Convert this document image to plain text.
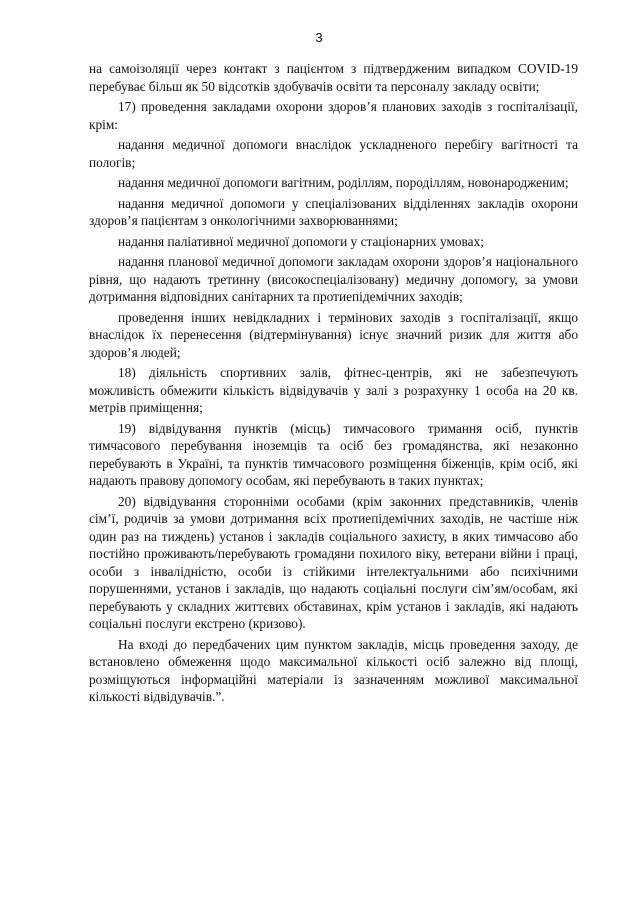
3

на самоізоляції через контакт з пацієнтом з підтвердженим випадком COVID-19 перебуває більш як 50 відсотків здобувачів освіти та персоналу закладу освіти;

17) проведення закладами охорони здоров’я планових заходів з госпіталізації, крім:

надання медичної допомоги внаслідок ускладненого перебігу вагітності та пологів;

надання медичної допомоги вагітним, роділлям, породіллям, новонародженим;

надання медичної допомоги у спеціалізованих відділеннях закладів охорони здоров’я пацієнтам з онкологічними захворюваннями;

надання паліативної медичної допомоги у стаціонарних умовах;

надання планової медичної допомоги закладам охорони здоров’я національного рівня, що надають третинну (високоспеціалізовану) медичну допомогу, за умови дотримання відповідних санітарних та протиепідемічних заходів;

проведення інших невідкладних і термінових заходів з госпіталізації, якщо внаслідок їх перенесення (відтермінування) існує значний ризик для життя або здоров’я людей;

18) діяльність спортивних залів, фітнес-центрів, які не забезпечують можливість обмежити кількість відвідувачів у залі з розрахунку 1 особа на 20 кв. метрів приміщення;

19) відвідування пунктів (місць) тимчасового тримання осіб, пунктів тимчасового перебування іноземців та осіб без громадянства, які незаконно перебувають в Україні, та пунктів тимчасового розміщення біженців, крім осіб, які надають правову допомогу особам, які перебувають в таких пунктах;

20) відвідування сторонніми особами (крім законних представників, членів сім’ї, родичів за умови дотримання всіх протиепідемічних заходів, не частіше ніж один раз на тиждень) установ і закладів соціального захисту, в яких тимчасово або постійно проживають/перебувають громадяни похилого віку, ветерани війни і праці, особи з інвалідністю, особи із стійкими інтелектуальними або психічними порушеннями, установ і закладів, що надають соціальні послуги сім’ям/особам, які перебувають у складних життєвих обставинах, крім установ і закладів, які надають соціальні послуги екстрено (кризово).

На вході до передбачених цим пунктом закладів, місць проведення заходу, де встановлено обмеження щодо максимальної кількості осіб залежно від площі, розміщуються інформаційні матеріали із зазначенням можливої максимальної кількості відвідувачів.”.
